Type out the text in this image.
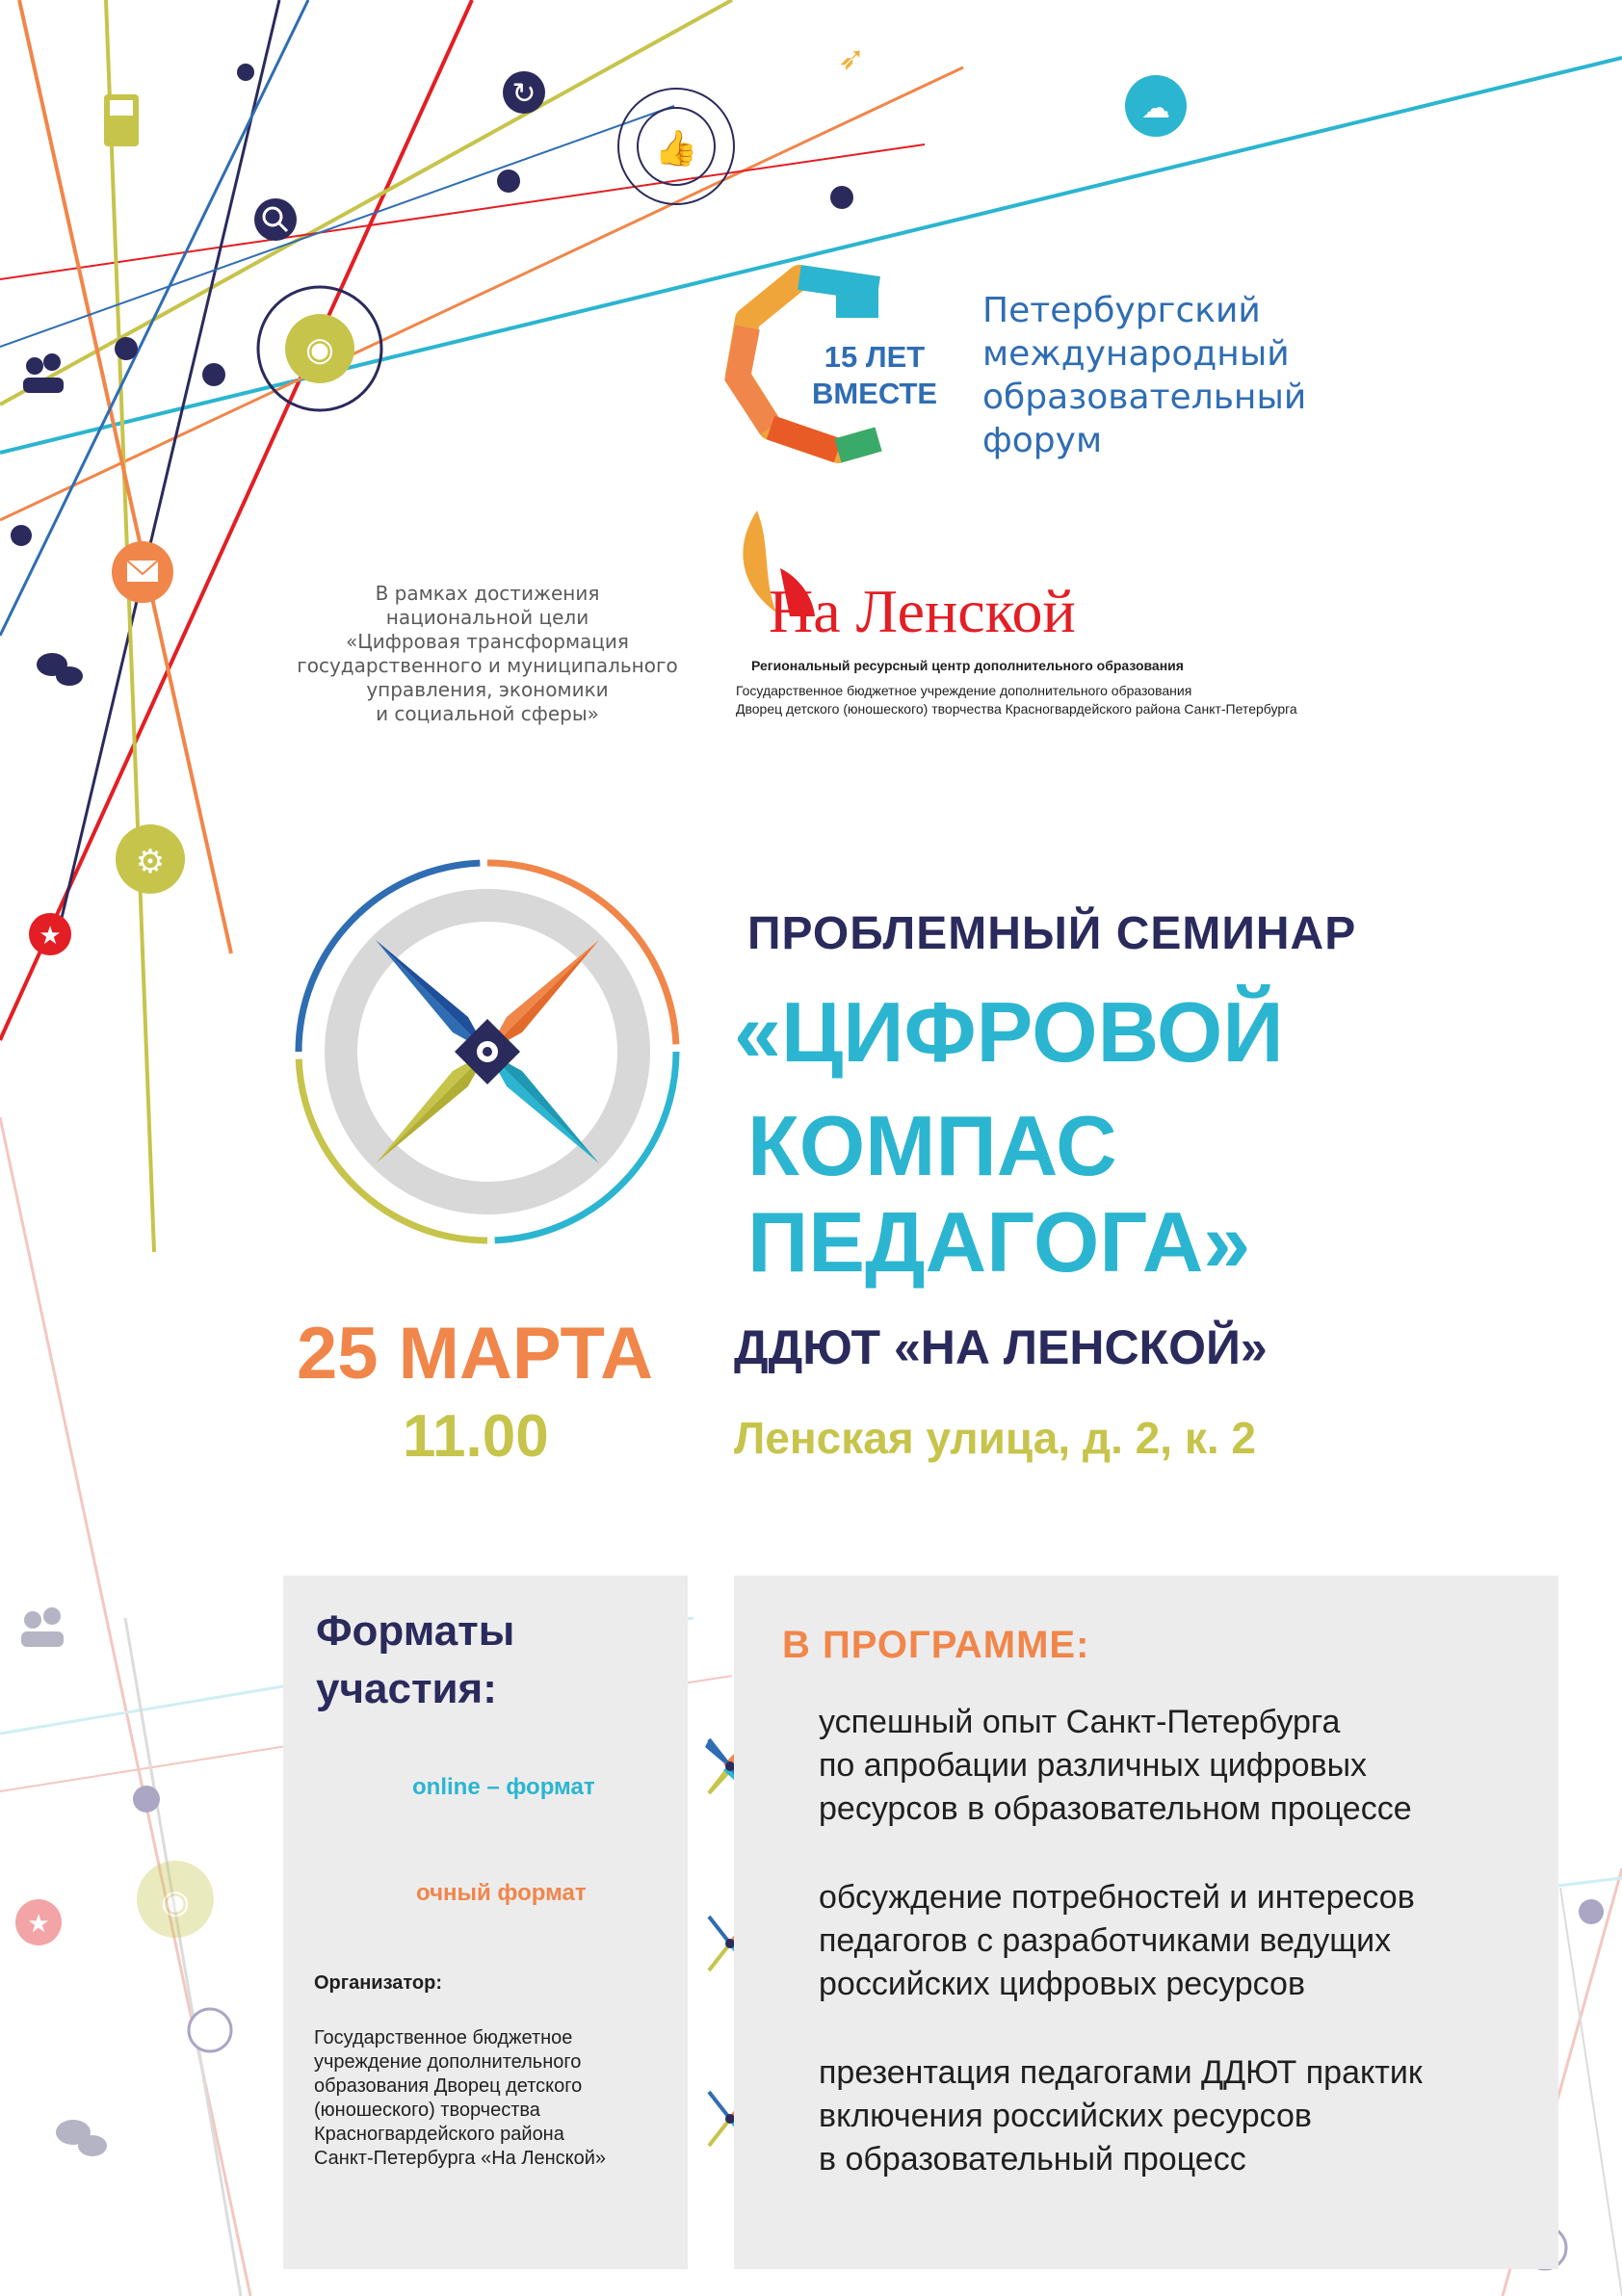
◉
👍
☁
↻
➶
⚙
★
★
◉
15 ЛЕТ
ВМЕСТЕ
Петербургский
международный
образовательный
форум
На Ленской
Региональный ресурсный центр дополнительного образования
Государственное бюджетное учреждение дополнительного образования
Дворец детского (юношеского) творчества Красногвардейского района Санкт-Петербурга
В рамках достижения
национальной цели
«Цифровая трансформация
государственного и муниципального
управления, экономики
и социальной сферы»
ПРОБЛЕМНЫЙ СЕМИНАР
«ЦИФРОВОЙ
КОМПАС ПЕДАГОГА»
25 МАРТА
11.00
ДДЮТ «НА ЛЕНСКОЙ»
Ленская улица, д. 2, к. 2
Форматы
участия:
online – формат
очный формат
Организатор:
Государственное бюджетное
учреждение дополнительного
образования Дворец детского
(юношеского) творчества
Красногвардейского района
Санкт-Петербурга «На Ленской»
В ПРОГРАММЕ:
успешный опыт Санкт-Петербурга
по апробации различных цифровых
ресурсов в образовательном процессе
обсуждение потребностей и интересов
педагогов с разработчиками ведущих
российских цифровых ресурсов
презентация педагогами ДДЮТ практик
включения российских ресурсов
в образовательный процесс
